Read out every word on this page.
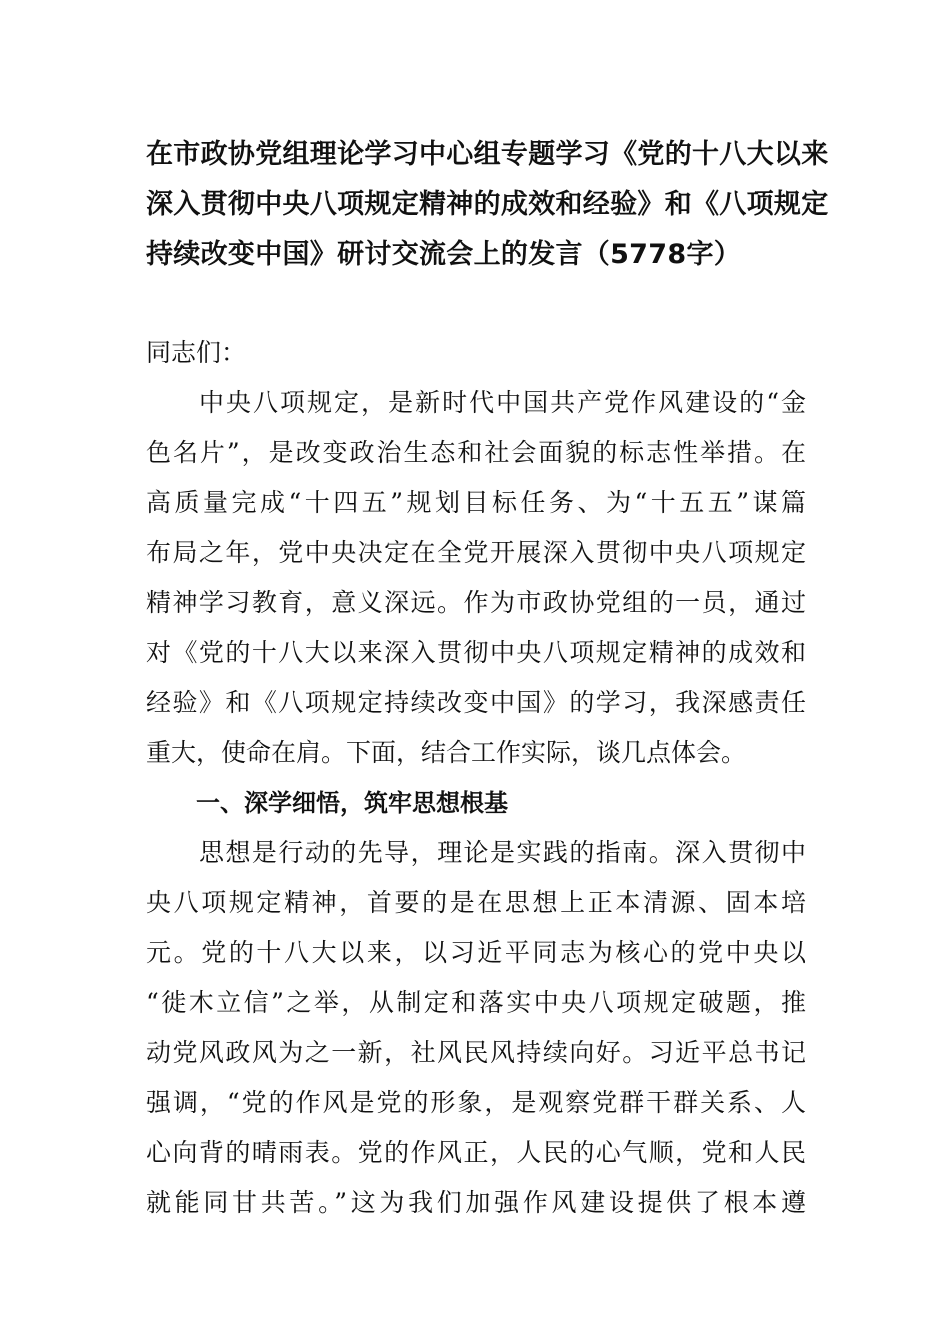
在市政协党组理论学习中心组专题学习《党的十八大以来
深入贯彻中央八项规定精神的成效和经验》和《八项规定
持续改变中国》研讨交流会上的发言（5778字）
同志们：
中央八项规定，是新时代中国共产党作风建设的“金
色名片”，是改变政治生态和社会面貌的标志性举措。在
高质量完成“十四五”规划目标任务、为“十五五”谋篇
布局之年，党中央决定在全党开展深入贯彻中央八项规定
精神学习教育，意义深远。作为市政协党组的一员，通过
对《党的十八大以来深入贯彻中央八项规定精神的成效和
经验》和《八项规定持续改变中国》的学习，我深感责任
重大，使命在肩。下面，结合工作实际，谈几点体会。
一、深学细悟，筑牢思想根基
思想是行动的先导，理论是实践的指南。深入贯彻中
央八项规定精神，首要的是在思想上正本清源、固本培
元。党的十八大以来，以习近平同志为核心的党中央以
“徙木立信”之举，从制定和落实中央八项规定破题，推
动党风政风为之一新，社风民风持续向好。习近平总书记
强调，“党的作风是党的形象，是观察党群干群关系、人
心向背的晴雨表。党的作风正，人民的心气顺，党和人民
就能同甘共苦。”这为我们加强作风建设提供了根本遵
